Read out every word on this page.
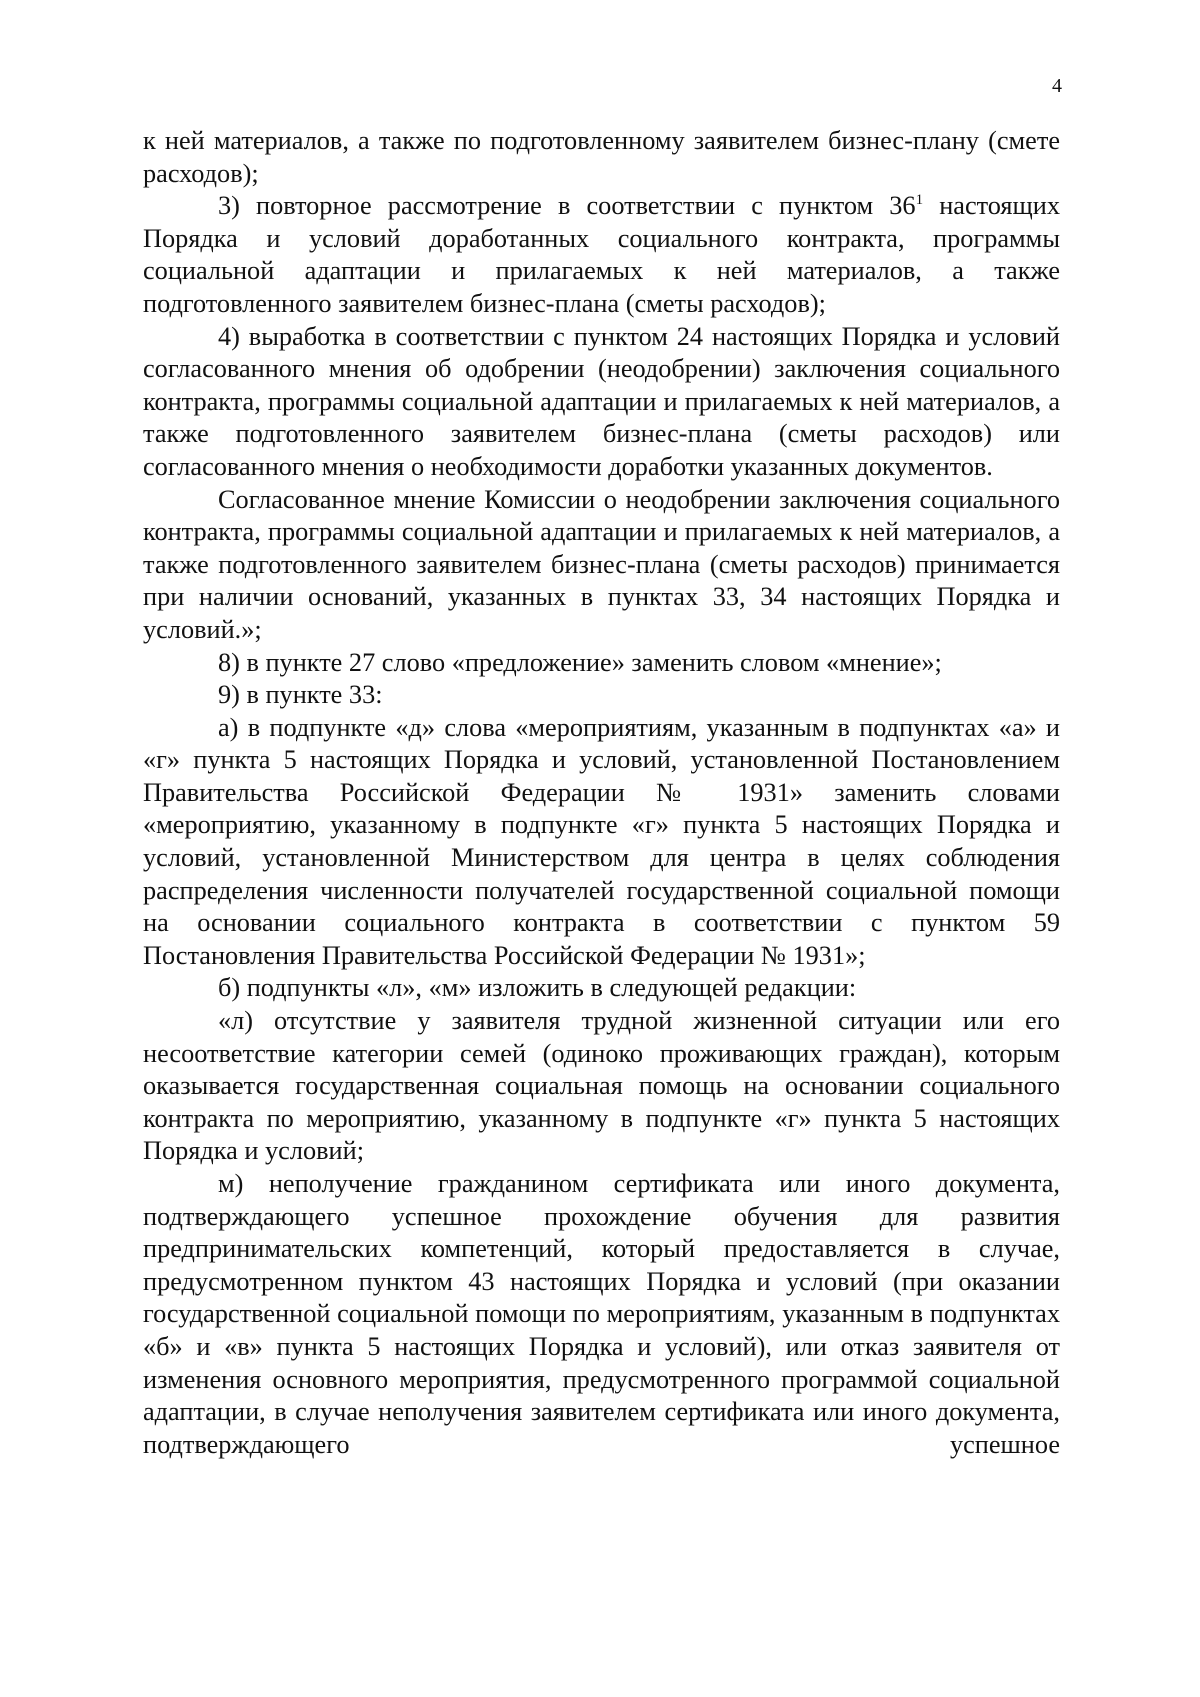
4

к ней материалов, а также по подготовленному заявителем бизнес-плану (смете расходов);

3) повторное рассмотрение в соответствии с пунктом $36^1$ настоящих Порядка и условий доработанных социального контракта, программы социальной адаптации и прилагаемых к ней материалов, а также подготовленного заявителем бизнес-плана (сметы расходов);

4) выработка в соответствии с пунктом 24 настоящих Порядка и условий согласованного мнения об одобрении (неодобрении) заключения социального контракта, программы социальной адаптации и прилагаемых к ней материалов, а также подготовленного заявителем бизнес-плана (сметы расходов) или согласованного мнения о необходимости доработки указанных документов.

Согласованное мнение Комиссии о неодобрении заключения социального контракта, программы социальной адаптации и прилагаемых к ней материалов, а также подготовленного заявителем бизнес-плана (сметы расходов) принимается при наличии оснований, указанных в пунктах 33, 34 настоящих Порядка и условий.»;

8) в пункте 27 слово «предложение» заменить словом «мнение»;

9) в пункте 33:

а) в подпункте «д» слова «мероприятиям, указанным в подпунктах «а» и «г» пункта 5 настоящих Порядка и условий, установленной Постановлением Правительства Российской Федерации № 1931» заменить словами «мероприятию, указанному в подпункте «г» пункта 5 настоящих Порядка и условий, установленной Министерством для центра в целях соблюдения распределения численности получателей государственной социальной помощи на основании социального контракта в соответствии с пунктом 59 Постановления Правительства Российской Федерации № 1931»;

б) подпункты «л», «м» изложить в следующей редакции:

«л) отсутствие у заявителя трудной жизненной ситуации или его несоответствие категории семей (одиноко проживающих граждан), которым оказывается государственная социальная помощь на основании социального контракта по мероприятию, указанному в подпункте «г» пункта 5 настоящих Порядка и условий;

м) неполучение гражданином сертификата или иного документа, подтверждающего успешное прохождение обучения для развития предпринимательских компетенций, который предоставляется в случае, предусмотренном пунктом 43 настоящих Порядка и условий (при оказании государственной социальной помощи по мероприятиям, указанным в подпунктах «б» и «в» пункта 5 настоящих Порядка и условий), или отказ заявителя от изменения основного мероприятия, предусмотренного программой социальной адаптации, в случае неполучения заявителем сертификата или иного документа, подтверждающего успешное
